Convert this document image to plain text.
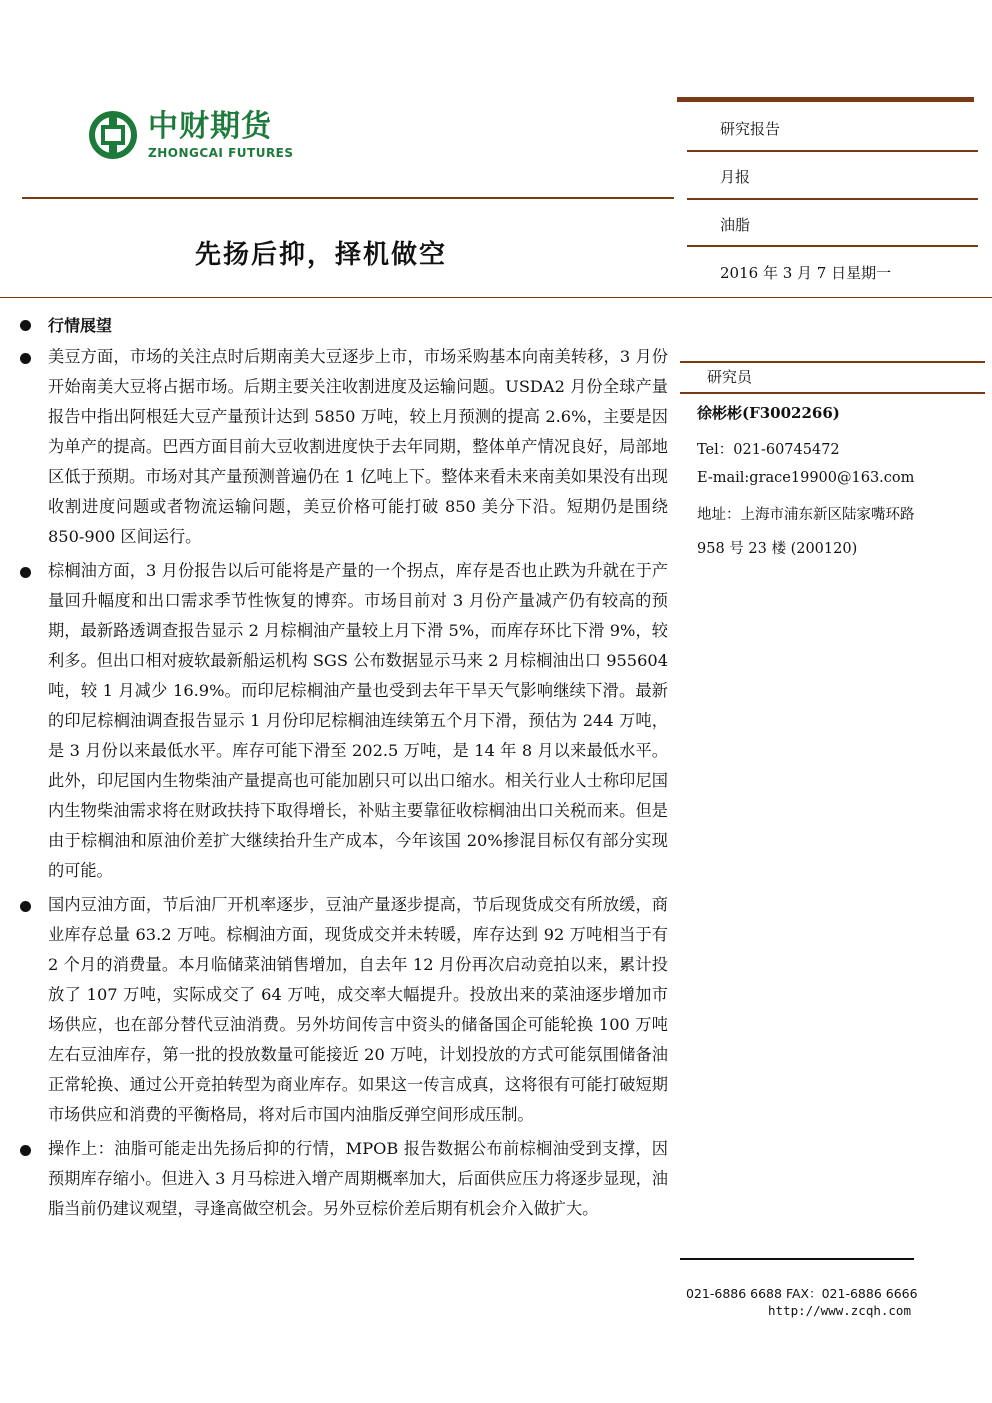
中财期货
ZHONGCAI FUTURES
研究报告
月报
油脂
2016 年 3 月 7 日星期一
先扬后抑，择机做空
行情展望
美豆方面，市场的关注点时后期南美大豆逐步上市，市场采购基本向南美转移，3 月份开始南美大豆将占据市场。后期主要关注收割进度及运输问题。USDA2 月份全球产量报告中指出阿根廷大豆产量预计达到 5850 万吨，较上月预测的提高 2.6%，主要是因为单产的提高。巴西方面目前大豆收割进度快于去年同期，整体单产情况良好，局部地区低于预期。市场对其产量预测普遍仍在 1 亿吨上下。整体来看未来南美如果没有出现收割进度问题或者物流运输问题，美豆价格可能打破 850 美分下沿。短期仍是围绕 850-900 区间运行。
棕榈油方面，3 月份报告以后可能将是产量的一个拐点，库存是否也止跌为升就在于产量回升幅度和出口需求季节性恢复的博弈。市场目前对 3 月份产量减产仍有较高的预期，最新路透调查报告显示 2 月棕榈油产量较上月下滑 5%，而库存环比下滑 9%，较利多。但出口相对疲软最新船运机构 SGS 公布数据显示马来 2 月棕榈油出口 955604 吨，较 1 月减少 16.9%。而印尼棕榈油产量也受到去年干旱天气影响继续下滑。最新的印尼棕榈油调查报告显示 1 月份印尼棕榈油连续第五个月下滑，预估为 244 万吨，是 3 月份以来最低水平。库存可能下滑至 202.5 万吨，是 14 年 8 月以来最低水平。此外，印尼国内生物柴油产量提高也可能加剧只可以出口缩水。相关行业人士称印尼国内生物柴油需求将在财政扶持下取得增长，补贴主要靠征收棕榈油出口关税而来。但是由于棕榈油和原油价差扩大继续抬升生产成本，今年该国 20%掺混目标仅有部分实现的可能。
国内豆油方面，节后油厂开机率逐步，豆油产量逐步提高，节后现货成交有所放缓，商业库存总量 63.2 万吨。棕榈油方面，现货成交并未转暖，库存达到 92 万吨相当于有 2 个月的消费量。本月临储菜油销售增加，自去年 12 月份再次启动竞拍以来，累计投放了 107 万吨，实际成交了 64 万吨，成交率大幅提升。投放出来的菜油逐步增加市场供应，也在部分替代豆油消费。另外坊间传言中资头的储备国企可能轮换 100 万吨左右豆油库存，第一批的投放数量可能接近 20 万吨，计划投放的方式可能氛围储备油正常轮换、通过公开竞拍转型为商业库存。如果这一传言成真，这将很有可能打破短期市场供应和消费的平衡格局，将对后市国内油脂反弹空间形成压制。
操作上：油脂可能走出先扬后抑的行情，MPOB 报告数据公布前棕榈油受到支撑，因预期库存缩小。但进入 3 月马棕进入增产周期概率加大，后面供应压力将逐步显现，油脂当前仍建议观望，寻逢高做空机会。另外豆棕价差后期有机会介入做扩大。
研究员
徐彬彬(F3002266)
Tel：021-60745472
E-mail:grace19900@163.com
地址：上海市浦东新区陆家嘴环路
958 号 23 楼 (200120)
021-6886 6688 FAX：021-6886 6666
http://www.zcqh.com
